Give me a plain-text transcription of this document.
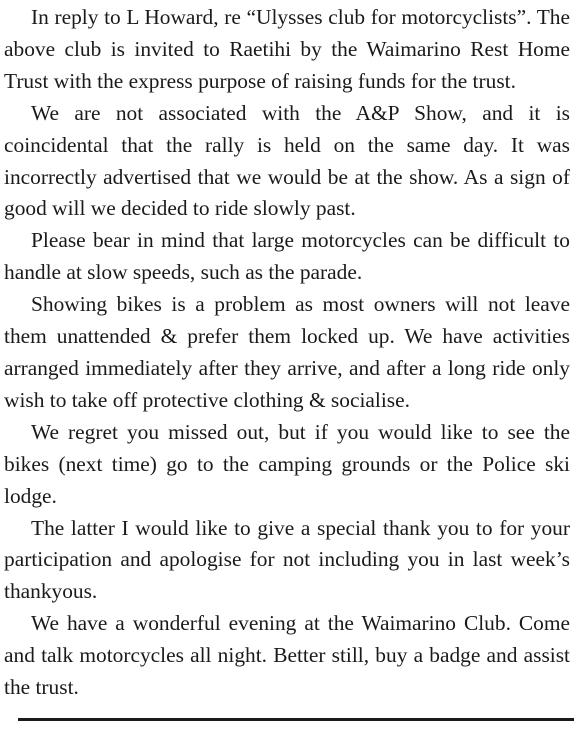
In reply to L Howard, re “Ulysses club for motorcyclists”. The above club is invited to Raetihi by the Waimarino Rest Home Trust with the express purpose of raising funds for the trust.

We are not associated with the A&P Show, and it is coincidental that the rally is held on the same day. It was incorrectly advertised that we would be at the show. As a sign of good will we decided to ride slowly past.

Please bear in mind that large motorcycles can be difficult to handle at slow speeds, such as the parade.

Showing bikes is a problem as most owners will not leave them unattended & prefer them locked up. We have activities arranged immediately after they arrive, and after a long ride only wish to take off protective clothing & socialise.

We regret you missed out, but if you would like to see the bikes (next time) go to the camping grounds or the Police ski lodge.

The latter I would like to give a special thank you to for your participation and apologise for not including you in last week’s thankyous.

We have a wonderful evening at the Waimarino Club. Come and talk motorcycles all night. Better still, buy a badge and assist the trust.
